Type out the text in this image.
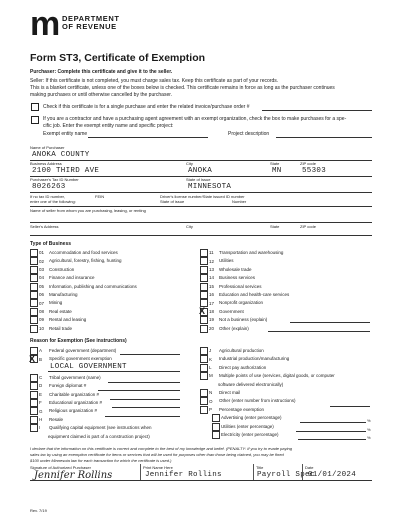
m DEPARTMENT
OF REVENUE
Form ST3, Certificate of Exemption
Purchaser: Complete this certificate and give it to the seller.
Seller: If this certificate is not completed, you must charge sales tax. Keep this certificate as part of your records.
This is a blanket certificate, unless one of the boxes below is checked. This certificate remains in force as long as the purchaser continues
making purchases or until otherwise cancelled by the purchaser.
Check if this certificate is for a single purchase and enter the related invoice/purchase order #
If you are a contractor and have a purchasing agent agreement with an exempt organization, check the box to make purchases for a spe-
cific job. Enter the exempt entity name and specific project:
Exempt entity name	Project description
Name of Purchaser
ANOKA COUNTY
Business Address
2100 THIRD AVE
City
ANOKA
State
MN
ZIP code
55303
Purchaser's Tax ID Number
8026263
State of Issue
MINNESOTA
If no tax ID number,
enter one of the following:
FEIN	Driver's license number/State issued ID number
State of issue	Number
Name of seller from whom you are purchasing, leasing, or renting
Seller's Address	City	State	ZIP code
Type of Business
01 Accommodation and food services
02 Agricultural, forestry, fishing, hunting
03 Construction
04 Finance and insurance
05 Information, publishing and communications
06 Manufacturing
07 Mining
08 Real estate
09 Rental and leasing
10 Retail trade
11 Transportation and warehousing
12 Utilities
13 Wholesale trade
14 Business services
15 Professional services
16 Education and health-care services
17 Nonprofit organization
18 Government
19 Not a business (explain)
20 Other (explain)
X
Reason for Exemption (See instructions)
A Federal government (department)
B Specific government exemption
C Tribal government (name)
D Foreign diplomat #
E Charitable organization #
F Educational organization #
G Religious organization #
H Resale
I Qualifying capital equipment (see instructions when
equipment claimed is part of a construction project)
X
LOCAL GOVERNMENT
J Agricultural production
K Industrial production/manufacturing
L Direct pay authorization
M Multiple points of use (services, digital goods, or computer
software delivered electronically)
N Direct mail
O Other (enter number from instructions)
P Percentage exemption
Advertising (enter percentage)
Utilities (enter percentage)
Electricity (enter percentage)
%
%
%
I declare that the information on this certificate is correct and complete to the best of my knowledge and belief. (PENALTY: If you try to evade paying
sales tax by using an exemption certificate for items or services that will be used for purposes other than those being claimed, you may be fined
$100 under Minnesota law for each transaction for which the certificate is used.)
Signature of Authorized Purchaser
Jennifer Rollins
Print Name Here
Jennifer Rollins
Title
Payroll Spec
Date
01/01/2024
Rev. 7/19
